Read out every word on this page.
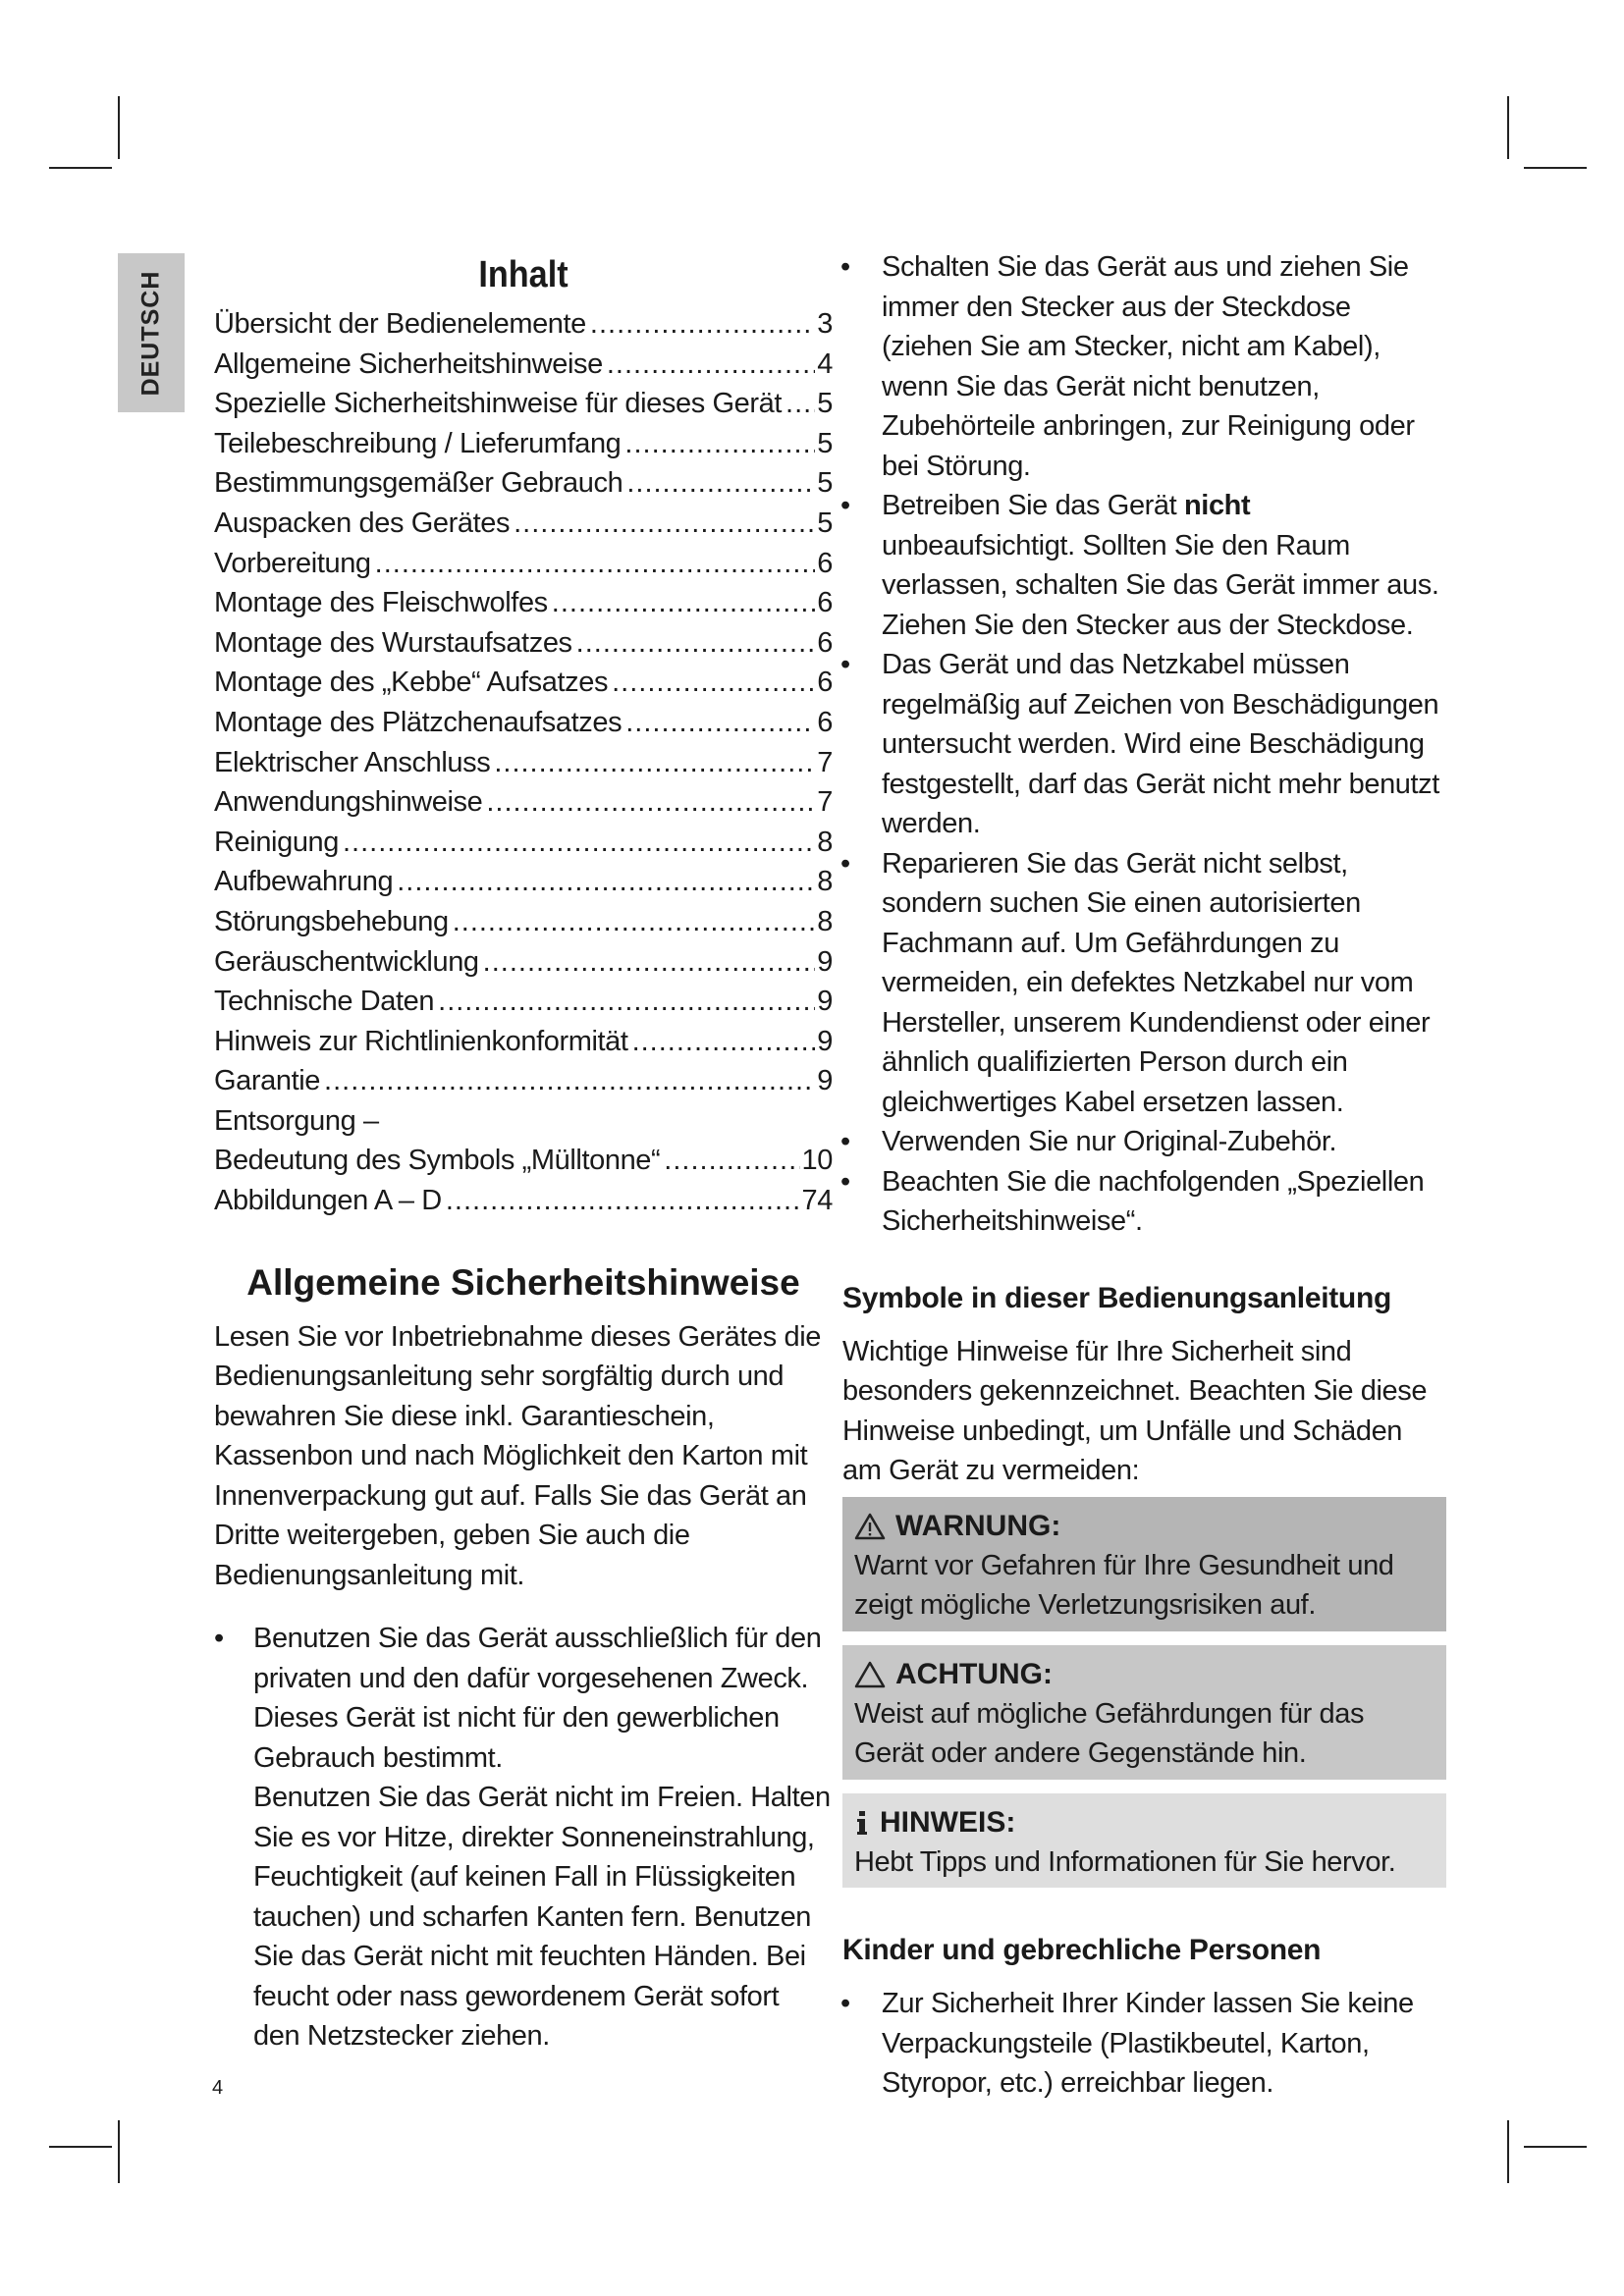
DEUTSCH	Inhalt
Übersicht der Bedienelemente .....	3
Allgemeine Sicherheitshinweise .....	4
Spezielle Sicherheitshinweise für dieses Gerät ..... 5
Teilebeschreibung / Lieferumfang .....	5
Bestimmungsgemäßer Gebrauch .....	5
Auspacken des Gerätes .....	5
Vorbereitung .....	6
Montage des Fleischwolfes .....	6
Montage des Wurstaufsatzes .....	6
Montage des „Kebbe“ Aufsatzes .....	6
Montage des Plätzchenaufsatzes .....	6
Elektrischer Anschluss .....	7
Anwendungshinweise .....	7
Reinigung .....	8
Aufbewahrung .....	8
Störungsbehebung .....	8
Geräuschentwicklung .....	9
Technische Daten .....	9
Hinweis zur Richtlinienkonformität .....	9
Garantie .....	9
Entsorgung –
Bedeutung des Symbols „Mülltonne“ .....	10
Abbildungen A – D .....	74
Allgemeine Sicherheitshinweise

Lesen Sie vor Inbetriebnahme dieses Gerätes die Bedienungsanleitung sehr sorgfältig durch und bewahren Sie diese inkl. Garantieschein, Kassenbon und nach Möglichkeit den Karton mit Innenverpackung gut auf. Falls Sie das Gerät an Dritte weitergeben, geben Sie auch die Bedienungsanleitung mit.

• Benutzen Sie das Gerät ausschließlich für den privaten und den dafür vorgesehenen Zweck. Dieses Gerät ist nicht für den gewerblichen Gebrauch bestimmt.
Benutzen Sie das Gerät nicht im Freien. Halten Sie es vor Hitze, direkter Sonneneinstrahlung, Feuchtigkeit (auf keinen Fall in Flüssigkeiten tauchen) und scharfen Kanten fern. Benutzen Sie das Gerät nicht mit feuchten Händen. Bei feucht oder nass gewordenem Gerät sofort den Netzstecker ziehen.
• Schalten Sie das Gerät aus und ziehen Sie immer den Stecker aus der Steckdose (ziehen Sie am Stecker, nicht am Kabel), wenn Sie das Gerät nicht benutzen, Zubehörteile anbringen, zur Reinigung oder bei Störung.
• Betreiben Sie das Gerät nicht unbeaufsichtigt. Sollten Sie den Raum verlassen, schalten Sie das Gerät immer aus. Ziehen Sie den Stecker aus der Steckdose.
• Das Gerät und das Netzkabel müssen regelmäßig auf Zeichen von Beschädigungen untersucht werden. Wird eine Beschädigung festgestellt, darf das Gerät nicht mehr benutzt werden.
• Reparieren Sie das Gerät nicht selbst, sondern suchen Sie einen autorisierten Fachmann auf. Um Gefährdungen zu vermeiden, ein defektes Netzkabel nur vom Hersteller, unserem Kundendienst oder einer ähnlich qualifizierten Person durch ein gleichwertiges Kabel ersetzen lassen.
• Verwenden Sie nur Original-Zubehör.
• Beachten Sie die nachfolgenden „Speziellen Sicherheitshinweise“.
Symbole in dieser Bedienungsanleitung

Wichtige Hinweise für Ihre Sicherheit sind besonders gekennzeichnet. Beachten Sie diese Hinweise unbedingt, um Unfälle und Schäden am Gerät zu vermeiden:

WARNUNG:
Warnt vor Gefahren für Ihre Gesundheit und zeigt mögliche Verletzungsrisiken auf.
ACHTUNG:
Weist auf mögliche Gefährdungen für das Gerät oder andere Gegenstände hin.
HINWEIS:
Hebt Tipps und Informationen für Sie hervor.
Kinder und gebrechliche Personen
• Zur Sicherheit Ihrer Kinder lassen Sie keine Verpackungsteile (Plastikbeutel, Karton, Styropor, etc.) erreichbar liegen.
4
